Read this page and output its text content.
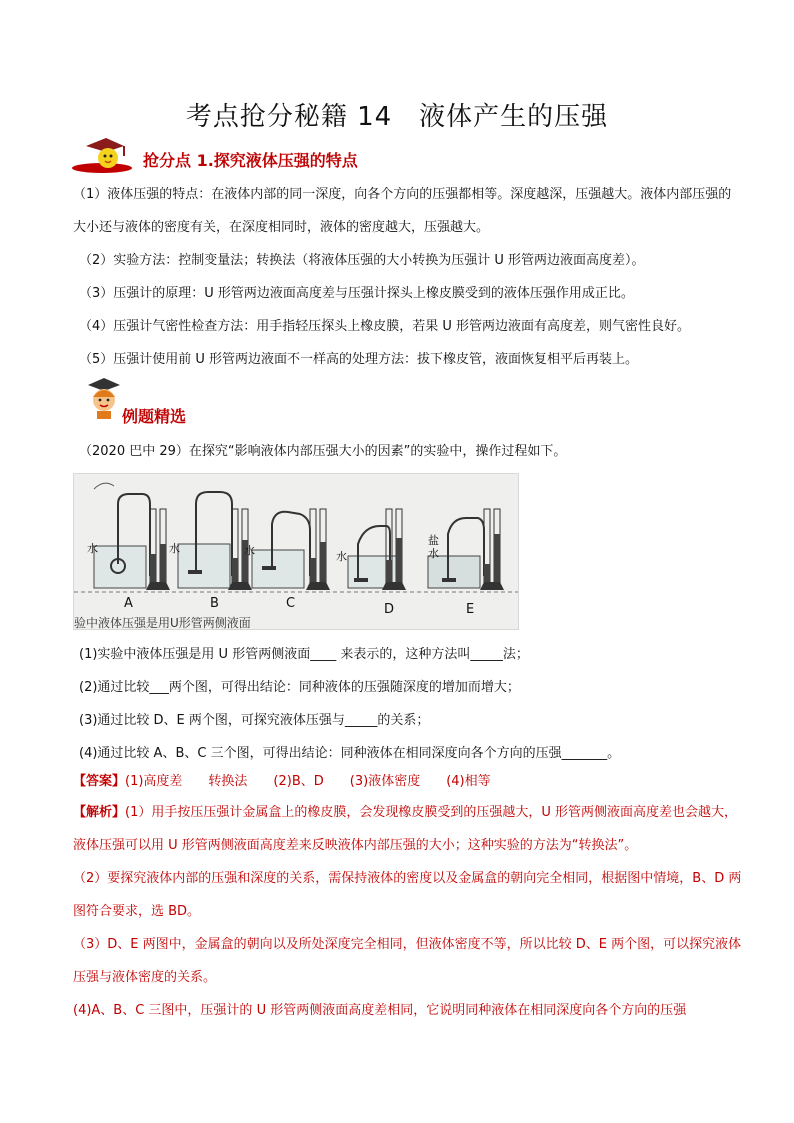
考点抢分秘籍 14　液体产生的压强
抢分点 1.探究液体压强的特点
（1）液体压强的特点：在液体内部的同一深度，向各个方向的压强都相等。深度越深，压强越大。液体内部压强的大小还与液体的密度有关，在深度相同时，液体的密度越大，压强越大。
（2）实验方法：控制变量法；转换法（将液体压强的大小转换为压强计 U 形管两边液面高度差）。
（3）压强计的原理：U 形管两边液面高度差与压强计探头上橡皮膜受到的液体压强作用成正比。
（4）压强计气密性检查方法：用手指轻压探头上橡皮膜，若果 U 形管两边液面有高度差，则气密性良好。
（5）压强计使用前 U 形管两边液面不一样高的处理方法：拔下橡皮管，液面恢复相平后再装上。
例题精选
（2020 巴中 29）在探究“影响液体内部压强大小的因素”的实验中，操作过程如下。
水	水	水	水
盐水
A	B	C	D	E
验中液体压强是用U形管两侧液面
(1)实验中液体压强是用 U 形管两侧液面____ 来表示的，这种方法叫_____法；
(2)通过比较___两个图，可得出结论：同种液体的压强随深度的增加而增大；
(3)通过比较 D、E 两个图，可探究液体压强与_____的关系；
(4)通过比较 A、B、C 三个图，可得出结论：同种液体在相同深度向各个方向的压强_______。
【答案】(1)高度差　　转换法　　(2)B、D　　(3)液体密度　　(4)相等
【解析】(1）用手按压压强计金属盒上的橡皮膜，会发现橡皮膜受到的压强越大，U 形管两侧液面高度差也会越大，液体压强可以用 U 形管两侧液面高度差来反映液体内部压强的大小；这种实验的方法为“转换法”。
（2）要探究液体内部的压强和深度的关系，需保持液体的密度以及金属盒的朝向完全相同，根据图中情境，B、D 两图符合要求，选 BD。
（3）D、E 两图中，金属盒的朝向以及所处深度完全相同，但液体密度不等，所以比较 D、E 两个图，可以探究液体压强与液体密度的关系。
(4)A、B、C 三图中，压强计的 U 形管两侧液面高度差相同，它说明同种液体在相同深度向各个方向的压强
